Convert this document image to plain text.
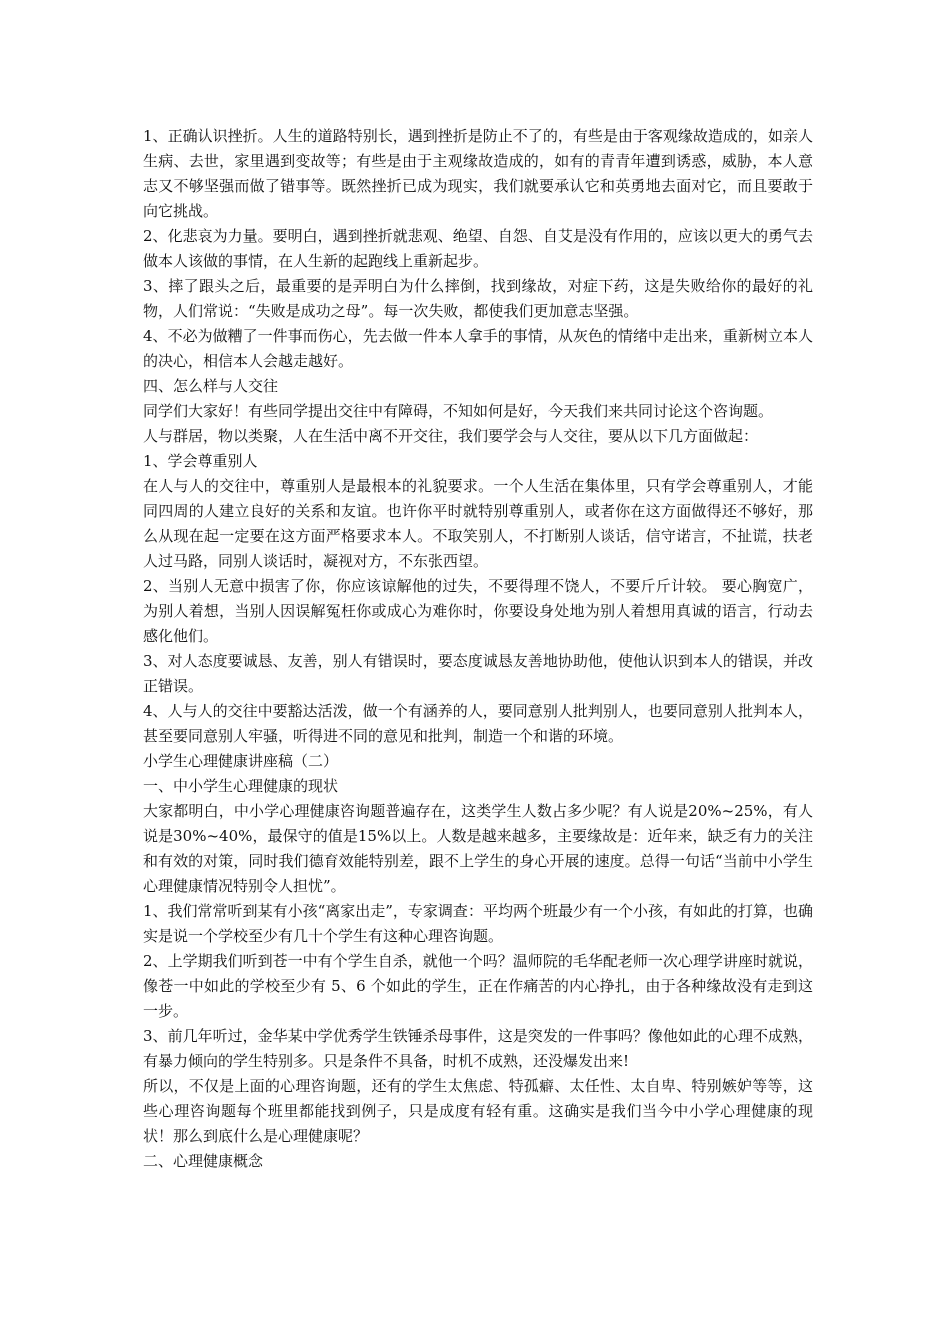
1、正确认识挫折。人生的道路特别长，遇到挫折是防止不了的，有些是由于客观缘故造成的，如亲人生病、去世，家里遇到变故等；有些是由于主观缘故造成的，如有的青青年遭到诱惑，威胁，本人意志又不够坚强而做了错事等。既然挫折已成为现实，我们就要承认它和英勇地去面对它，而且要敢于向它挑战。

2、化悲哀为力量。要明白，遇到挫折就悲观、绝望、自怨、自艾是没有作用的，应该以更大的勇气去做本人该做的事情，在人生新的起跑线上重新起步。

3、摔了跟头之后，最重要的是弄明白为什么摔倒，找到缘故，对症下药，这是失败给你的最好的礼物，人们常说：“失败是成功之母”。每一次失败，都使我们更加意志坚强。

4、不必为做糟了一件事而伤心，先去做一件本人拿手的事情，从灰色的情绪中走出来，重新树立本人的决心，相信本人会越走越好。

四、怎么样与人交往

同学们大家好！有些同学提出交往中有障碍，不知如何是好，今天我们来共同讨论这个咨询题。

人与群居，物以类聚，人在生活中离不开交往，我们要学会与人交往，要从以下几方面做起：

1、学会尊重别人

在人与人的交往中，尊重别人是最根本的礼貌要求。一个人生活在集体里，只有学会尊重别人，才能同四周的人建立良好的关系和友谊。也许你平时就特别尊重别人，或者你在这方面做得还不够好，那么从现在起一定要在这方面严格要求本人。不取笑别人，不打断别人谈话，信守诺言，不扯谎，扶老人过马路，同别人谈话时，凝视对方，不东张西望。

2、当别人无意中损害了你，你应该谅解他的过失，不要得理不饶人，不要斤斤计较。 要心胸宽广，为别人着想，当别人因误解冤枉你或成心为难你时，你要设身处地为别人着想用真诚的语言，行动去感化他们。

3、对人态度要诚恳、友善，别人有错误时，要态度诚恳友善地协助他，使他认识到本人的错误，并改正错误。

4、人与人的交往中要豁达活泼，做一个有涵养的人，要同意别人批判别人，也要同意别人批判本人，甚至要同意别人牢骚，听得进不同的意见和批判，制造一个和谐的环境。

小学生心理健康讲座稿（二）

一、中小学生心理健康的现状

大家都明白，中小学心理健康咨询题普遍存在，这类学生人数占多少呢？有人说是20%~25%，有人说是30%~40%，最保守的值是15%以上。人数是越来越多，主要缘故是：近年来，缺乏有力的关注和有效的对策，同时我们德育效能特别差，跟不上学生的身心开展的速度。总得一句话“当前中小学生心理健康情况特别令人担忧”。

1、我们常常听到某有小孩“离家出走”，专家调查：平均两个班最少有一个小孩，有如此的打算，也确实是说一个学校至少有几十个学生有这种心理咨询题。

2、上学期我们听到苍一中有个学生自杀，就他一个吗？温师院的毛华配老师一次心理学讲座时就说，像苍一中如此的学校至少有 5、6 个如此的学生，正在作痛苦的内心挣扎，由于各种缘故没有走到这一步。

3、前几年听过，金华某中学优秀学生铁锤杀母事件，这是突发的一件事吗？像他如此的心理不成熟，有暴力倾向的学生特别多。只是条件不具备，时机不成熟，还没爆发出来!

所以，不仅是上面的心理咨询题，还有的学生太焦虑、特孤癖、太任性、太自卑、特别嫉妒等等，这些心理咨询题每个班里都能找到例子，只是成度有轻有重。这确实是我们当今中小学心理健康的现状！那么到底什么是心理健康呢？

二、心理健康概念
